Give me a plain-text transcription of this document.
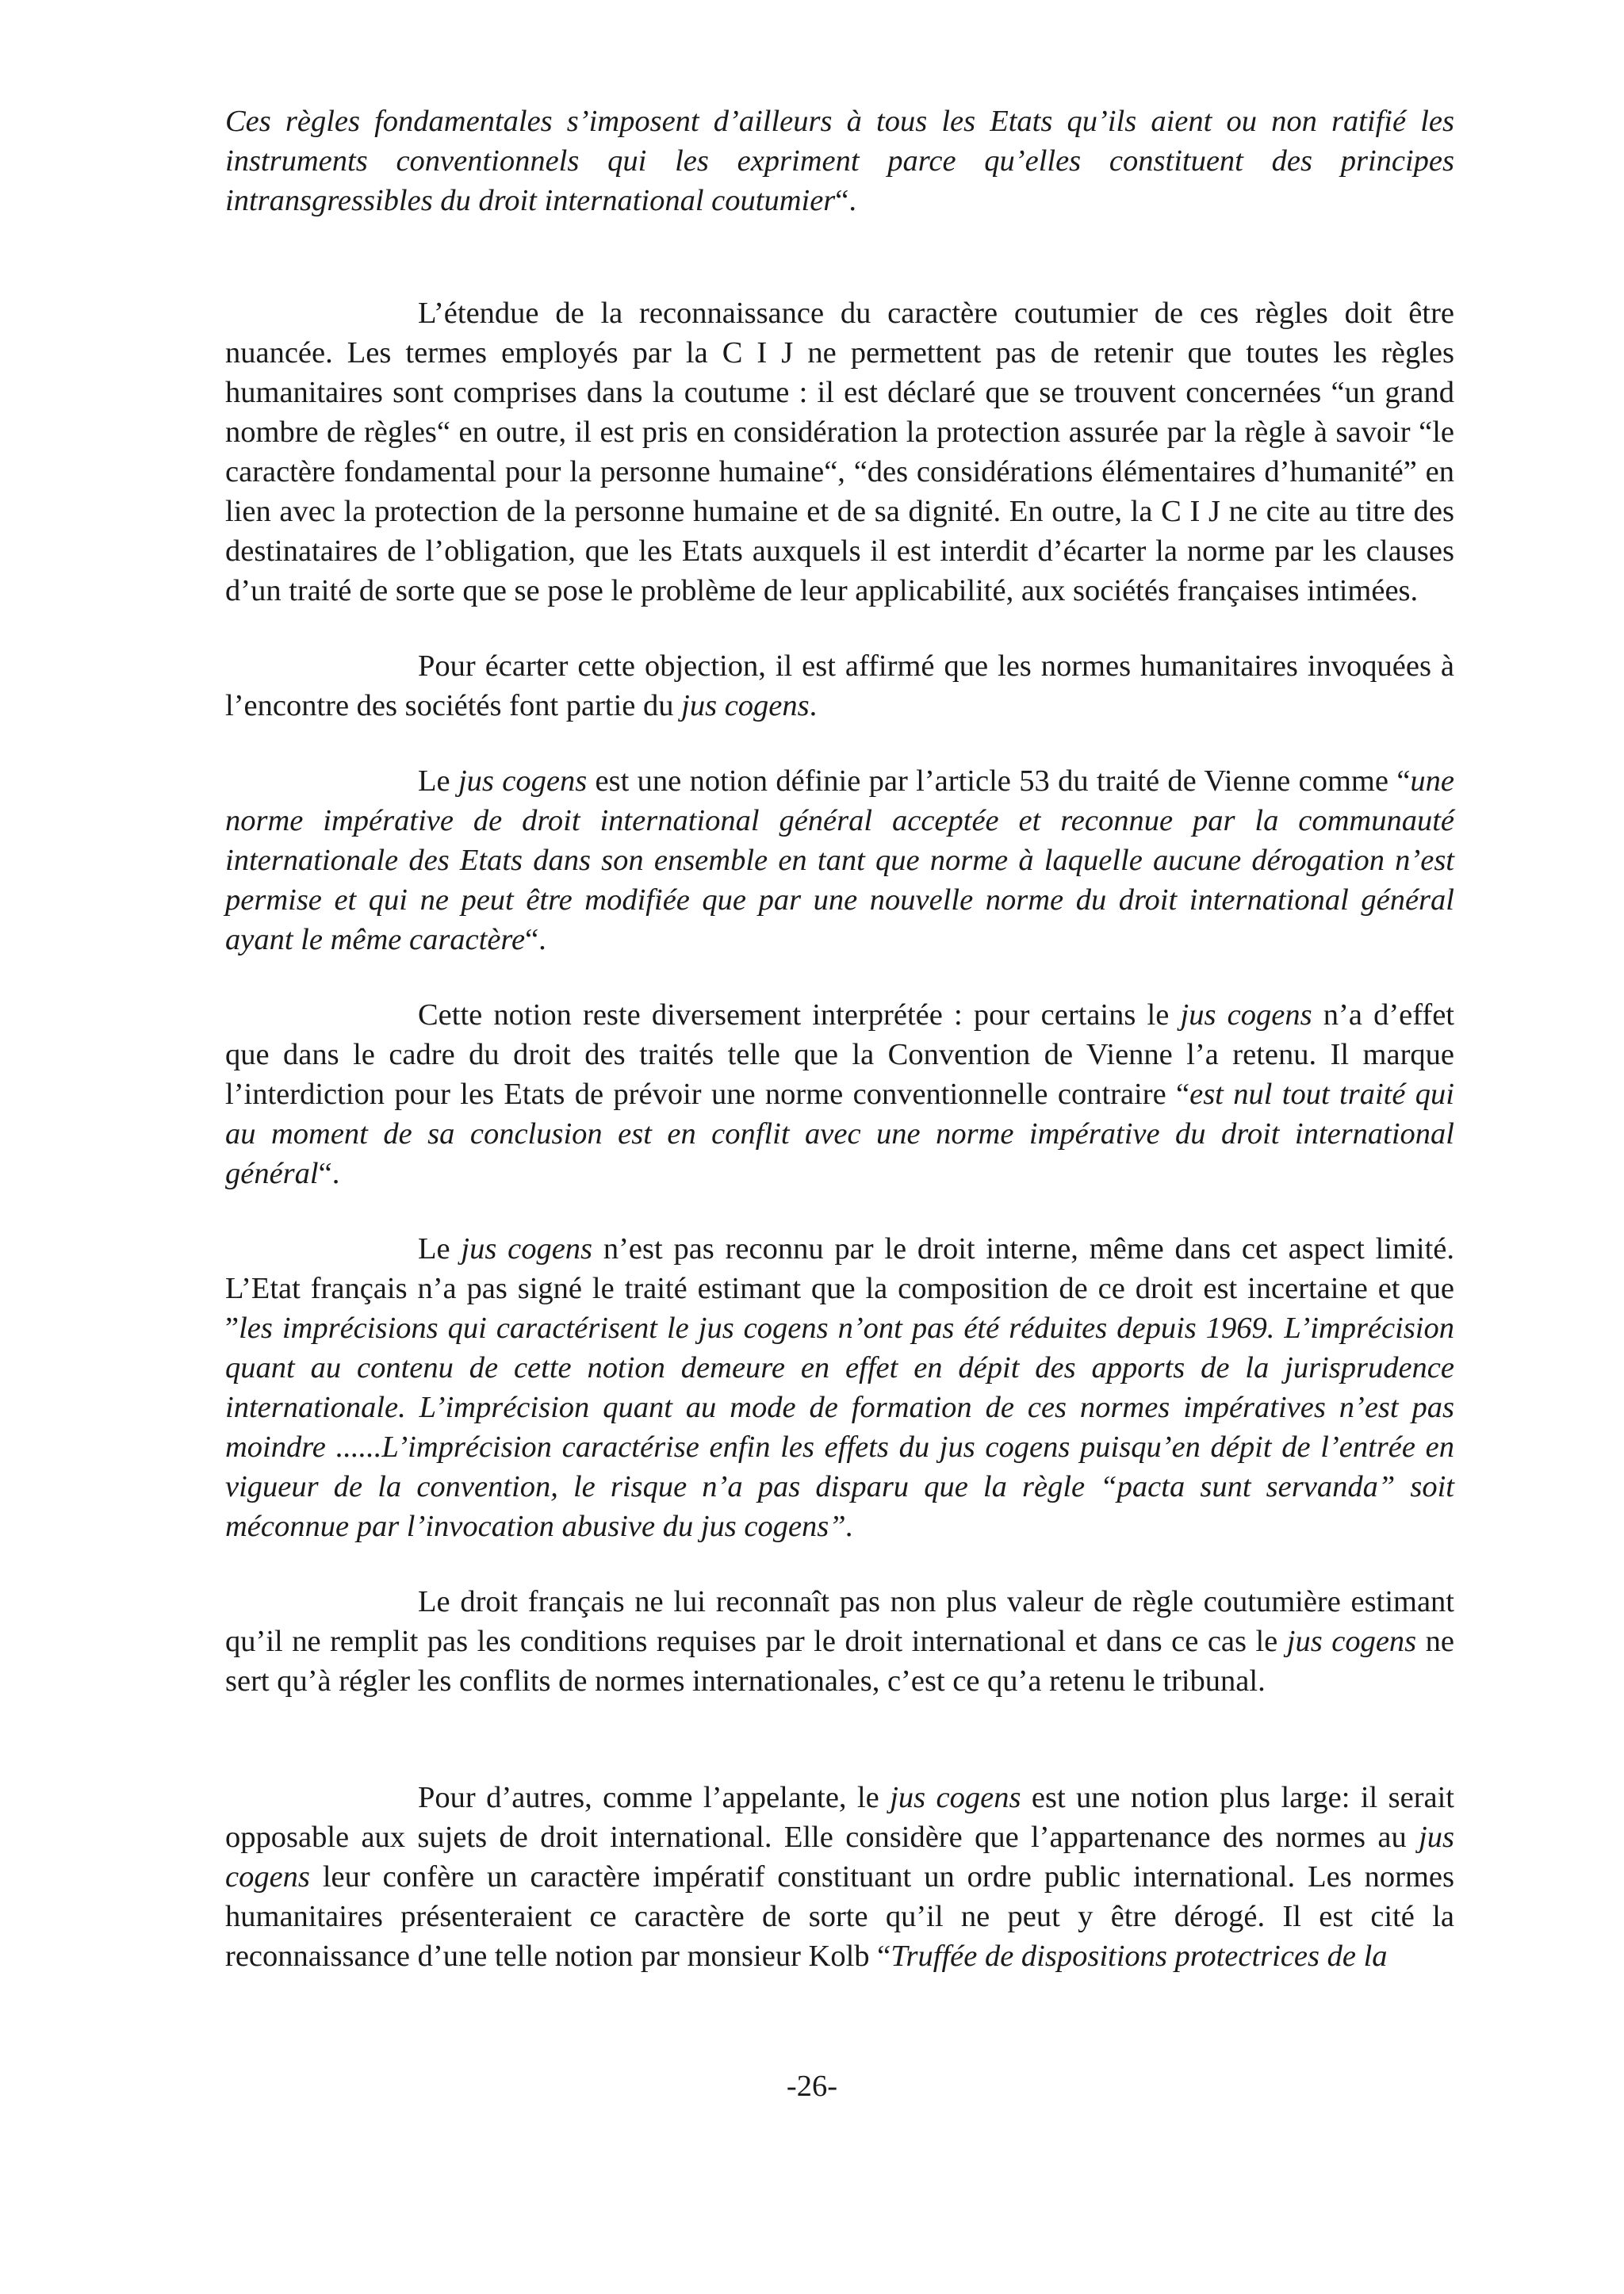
Ces règles fondamentales s’imposent d’ailleurs à tous les Etats qu’ils aient ou non ratifié les instruments conventionnels qui les expriment parce qu’elles constituent des principes intransgressibles du droit international coutumier“.

L’étendue de la reconnaissance du caractère coutumier de ces règles doit être nuancée. Les termes employés par la C I J ne permettent pas de retenir que toutes les règles humanitaires sont comprises dans la coutume : il est déclaré que se trouvent concernées “un grand nombre de règles“ en outre, il est pris en considération la protection assurée par la règle à savoir “le caractère fondamental pour la personne humaine“, “des considérations élémentaires d’humanité” en lien avec la protection de la personne humaine et de sa dignité. En outre, la C I J ne cite au titre des destinataires de l’obligation, que les Etats auxquels il est interdit d’écarter la norme par les clauses d’un traité de sorte que se pose le problème de leur applicabilité, aux sociétés françaises intimées.

Pour écarter cette objection, il est affirmé que les normes humanitaires invoquées à l’encontre des sociétés font partie du jus cogens.

Le jus cogens est une notion définie par l’article 53 du traité de Vienne comme “une norme impérative de droit international général acceptée et reconnue par la communauté internationale des Etats dans son ensemble en tant que norme à laquelle aucune dérogation n’est permise et qui ne peut être modifiée que par une nouvelle norme du droit international général ayant le même caractère“.

Cette notion reste diversement interprétée : pour certains le jus cogens n’a d’effet que dans le cadre du droit des traités telle que la Convention de Vienne l’a retenu. Il marque l’interdiction pour les Etats de prévoir une norme conventionnelle contraire “est nul tout traité qui au moment de sa conclusion est en conflit avec une norme impérative du droit international général“.

Le jus cogens n’est pas reconnu par le droit interne, même dans cet aspect limité. L’Etat français n’a pas signé le traité estimant que la composition de ce droit est incertaine et que ”les imprécisions qui caractérisent le jus cogens n’ont pas été réduites depuis 1969. L’imprécision quant au contenu de cette notion demeure en effet en dépit des apports de la jurisprudence internationale. L’imprécision quant au mode de formation de ces normes impératives n’est pas moindre ......L’imprécision caractérise enfin les effets du jus cogens puisqu’en dépit de l’entrée en vigueur de la convention, le risque n’a pas disparu que la règle “pacta sunt servanda” soit méconnue par l’invocation abusive du jus cogens”.

Le droit français ne lui reconnaît pas non plus valeur de règle coutumière estimant qu’il ne remplit pas les conditions requises par le droit international et dans ce cas le jus cogens ne sert qu’à régler les conflits de normes internationales, c’est ce qu’a retenu le tribunal.

Pour d’autres, comme l’appelante, le jus cogens est une notion plus large: il serait opposable aux sujets de droit international. Elle considère que l’appartenance des normes au jus cogens leur confère un caractère impératif constituant un ordre public international. Les normes humanitaires présenteraient ce caractère de sorte qu’il ne peut y être dérogé. Il est cité la reconnaissance d’une telle notion par monsieur Kolb “Truffée de dispositions protectrices de la

-26-
